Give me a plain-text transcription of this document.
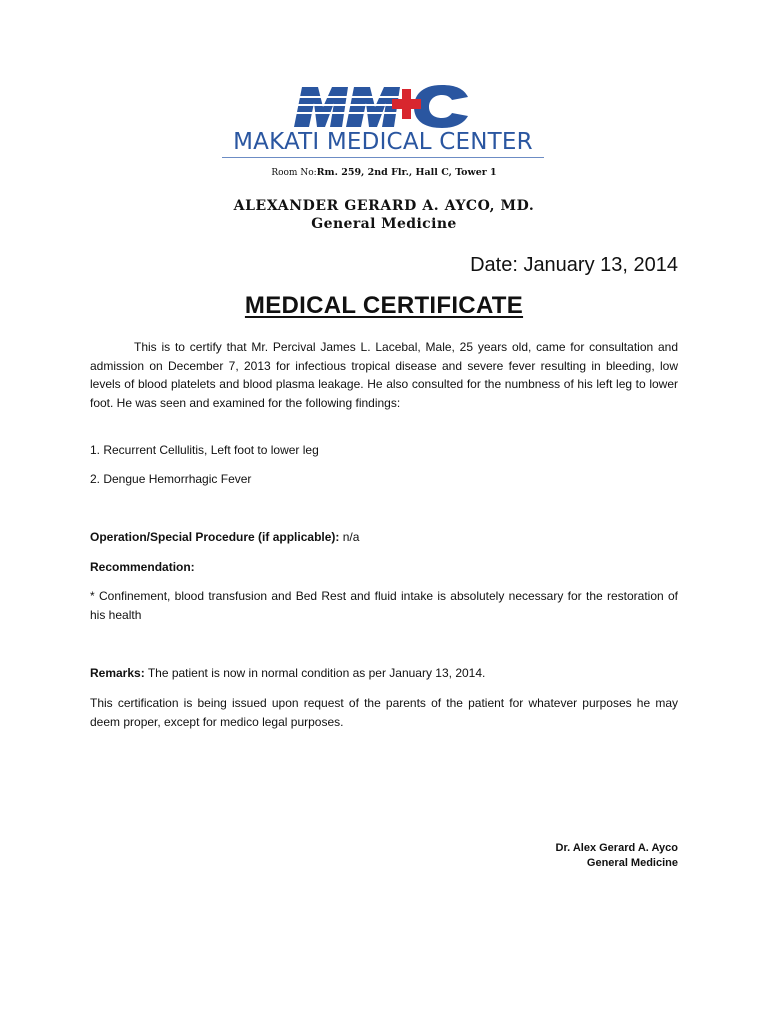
MAKATI MEDICAL CENTER
Room No:Rm. 259, 2nd Flr., Hall C, Tower 1
ALEXANDER GERARD A. AYCO, MD.
General Medicine
Date: January 13, 2014
MEDICAL CERTIFICATE
This is to certify that Mr. Percival James L. Lacebal, Male, 25 years old, came for consultation and admission on December 7, 2013 for infectious tropical disease and severe fever resulting in bleeding, low levels of blood platelets and blood plasma leakage. He also consulted for the numbness of his left leg to lower foot. He was seen and examined for the following findings:
1. Recurrent Cellulitis, Left foot to lower leg
2. Dengue Hemorrhagic Fever
Operation/Special Procedure (if applicable): n/a
Recommendation:
* Confinement, blood transfusion and Bed Rest and fluid intake is absolutely necessary for the restoration of his health
Remarks: The patient is now in normal condition as per January 13, 2014.
This certification is being issued upon request of the parents of the patient for whatever purposes he may deem proper, except for medico legal purposes.
Dr. Alex Gerard A. Ayco
General Medicine
